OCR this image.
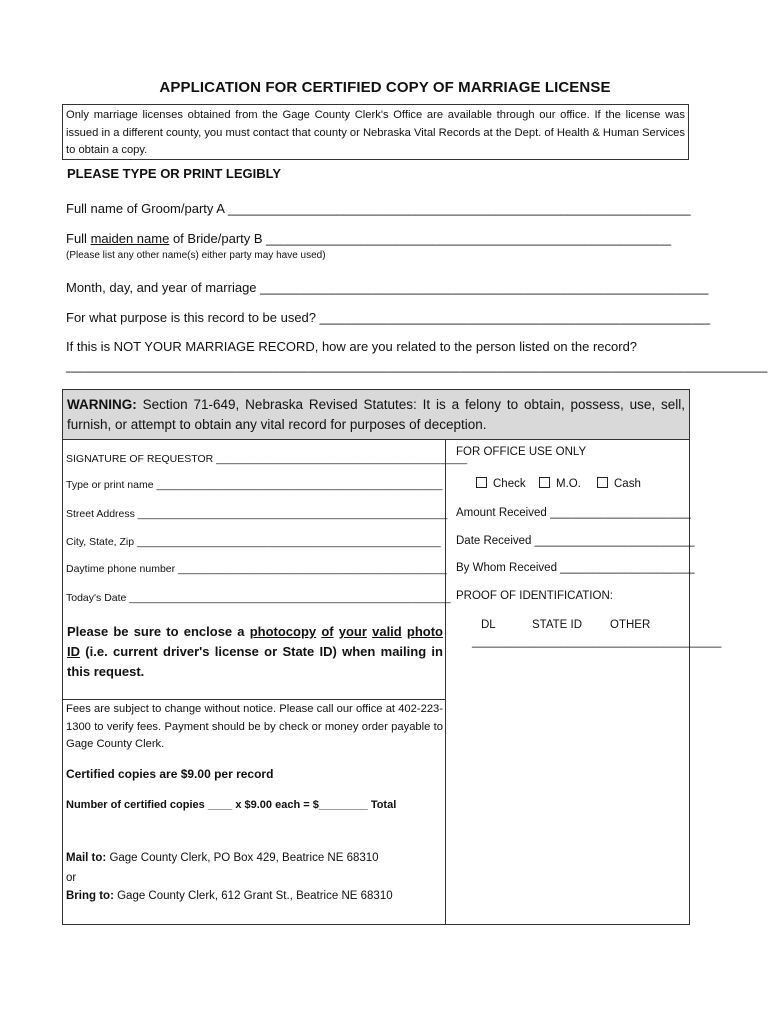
APPLICATION FOR CERTIFIED COPY OF MARRIAGE LICENSE
Only marriage licenses obtained from the Gage County Clerk's Office are available through our office. If the license was issued in a different county, you must contact that county or Nebraska Vital Records at the Dept. of Health & Human Services to obtain a copy.
PLEASE TYPE OR PRINT LEGIBLY
Full name of Groom/party A ________________________________________________________________
Full maiden name of Bride/party B ________________________________________________________
(Please list any other name(s) either party may have used)
Month, day, and year of marriage ______________________________________________________________
For what purpose is this record to be used? ______________________________________________________
If this is NOT YOUR MARRIAGE RECORD, how are you related to the person listed on the record?
_________________________________________________________________________________________________
WARNING: Section 71-649, Nebraska Revised Statutes: It is a felony to obtain, possess, use, sell, furnish, or attempt to obtain any vital record for purposes of deception.
SIGNATURE OF REQUESTOR ___________________________________________
Type or print name _________________________________________________
Street Address _____________________________________________________
City, State, Zip ____________________________________________________
Daytime phone number ______________________________________________
Today's Date _______________________________________________________
Please be sure to enclose a photocopy of your valid photo ID (i.e. current driver's license or State ID) when mailing in this request.
Fees are subject to change without notice. Please call our office at 402-223-1300 to verify fees. Payment should be by check or money order payable to Gage County Clerk.
Certified copies are $9.00 per record
Number of certified copies ____ x $9.00 each = $________ Total
Mail to: Gage County Clerk, PO Box 429, Beatrice NE 68310
or
Bring to: Gage County Clerk, 612 Grant St., Beatrice NE 68310
FOR OFFICE USE ONLY
Check	M.O.	Cash
Amount Received ______________________
Date Received _________________________
By Whom Received _____________________
PROOF OF IDENTIFICATION:
DL	STATE ID OTHER
_______________________________________
